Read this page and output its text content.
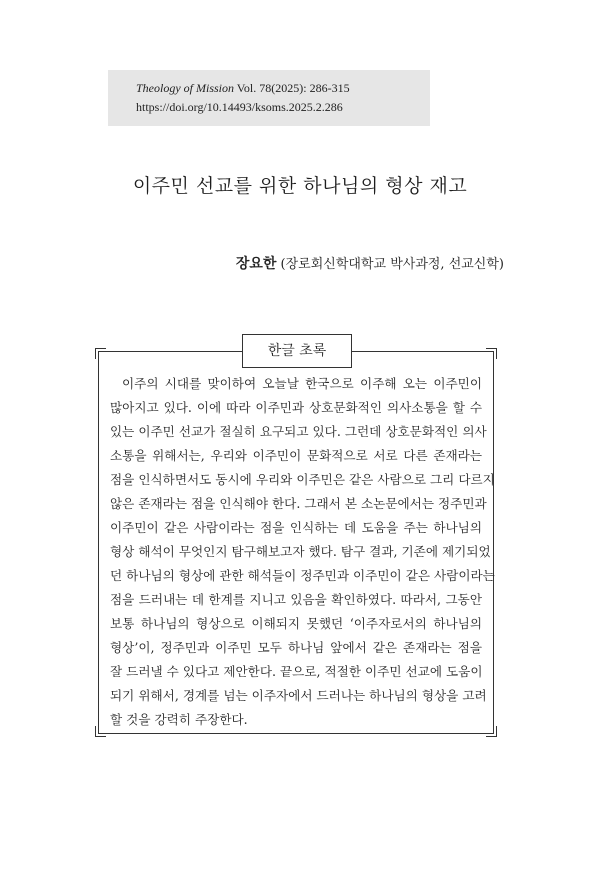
Theology of Mission Vol. 78(2025): 286-315
https://doi.org/10.14493/ksoms.2025.2.286
이주민 선교를 위한 하나님의 형상 재고
장요한 (장로회신학대학교 박사과정, 선교신학)
한글 초록
이주의 시대를 맞이하여 오늘날 한국으로 이주해 오는 이주민이
많아지고 있다. 이에 따라 이주민과 상호문화적인 의사소통을 할 수
있는 이주민 선교가 절실히 요구되고 있다. 그런데 상호문화적인 의사
소통을 위해서는, 우리와 이주민이 문화적으로 서로 다른 존재라는
점을 인식하면서도 동시에 우리와 이주민은 같은 사람으로 그리 다르지
않은 존재라는 점을 인식해야 한다. 그래서 본 소논문에서는 정주민과
이주민이 같은 사람이라는 점을 인식하는 데 도움을 주는 하나님의
형상 해석이 무엇인지 탐구해보고자 했다. 탐구 결과, 기존에 제기되었
던 하나님의 형상에 관한 해석들이 정주민과 이주민이 같은 사람이라는
점을 드러내는 데 한계를 지니고 있음을 확인하였다. 따라서, 그동안
보통 하나님의 형상으로 이해되지 못했던 ‘이주자로서의 하나님의
형상’이, 정주민과 이주민 모두 하나님 앞에서 같은 존재라는 점을
잘 드러낼 수 있다고 제안한다. 끝으로, 적절한 이주민 선교에 도움이
되기 위해서, 경계를 넘는 이주자에서 드러나는 하나님의 형상을 고려
할 것을 강력히 주장한다.
